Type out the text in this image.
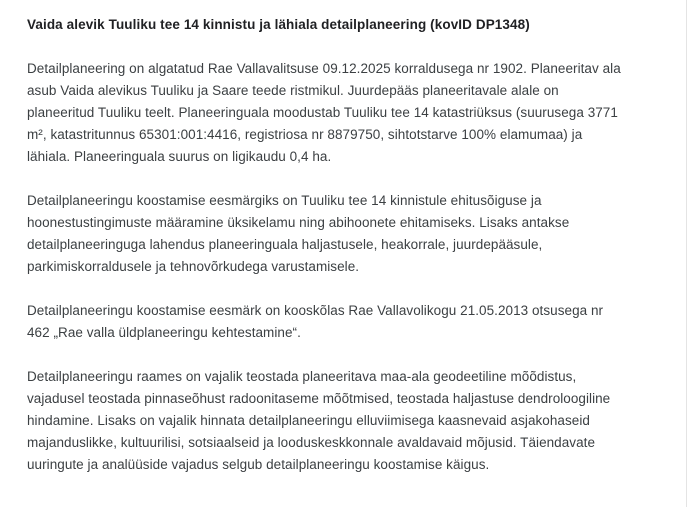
Vaida alevik Tuuliku tee 14 kinnistu ja lähiala detailplaneering (kovID DP1348)

Detailplaneering on algatatud Rae Vallavalitsuse 09.12.2025 korraldusega nr 1902. Planeeritav ala
asub Vaida alevikus Tuuliku ja Saare teede ristmikul. Juurdepääs planeeritavale alale on
planeeritud Tuuliku teelt. Planeeringuala moodustab Tuuliku tee 14 katastriüksus (suurusega 3771
m², katastritunnus 65301:001:4416, registriosa nr 8879750, sihtotstarve 100% elamumaa) ja
lähiala. Planeeringuala suurus on ligikaudu 0,4 ha.

Detailplaneeringu koostamise eesmärgiks on Tuuliku tee 14 kinnistule ehitusõiguse ja
hoonestustingimuste määramine üksikelamu ning abihoonete ehitamiseks. Lisaks antakse
detailplaneeringuga lahendus planeeringuala haljastusele, heakorrale, juurdepääsule,
parkimiskorraldusele ja tehnovõrkudega varustamisele.

Detailplaneeringu koostamise eesmärk on kooskõlas Rae Vallavolikogu 21.05.2013 otsusega nr
462 „Rae valla üldplaneeringu kehtestamine“.

Detailplaneeringu raames on vajalik teostada planeeritava maa-ala geodeetiline mõõdistus,
vajadusel teostada pinnaseõhust radoonitaseme mõõtmised, teostada haljastuse dendroloogiline
hindamine. Lisaks on vajalik hinnata detailplaneeringu elluviimisega kaasnevaid asjakohaseid
majanduslikke, kultuurilisi, sotsiaalseid ja looduskeskkonnale avaldavaid mõjusid. Täiendavate
uuringute ja analüüside vajadus selgub detailplaneeringu koostamise käigus.
